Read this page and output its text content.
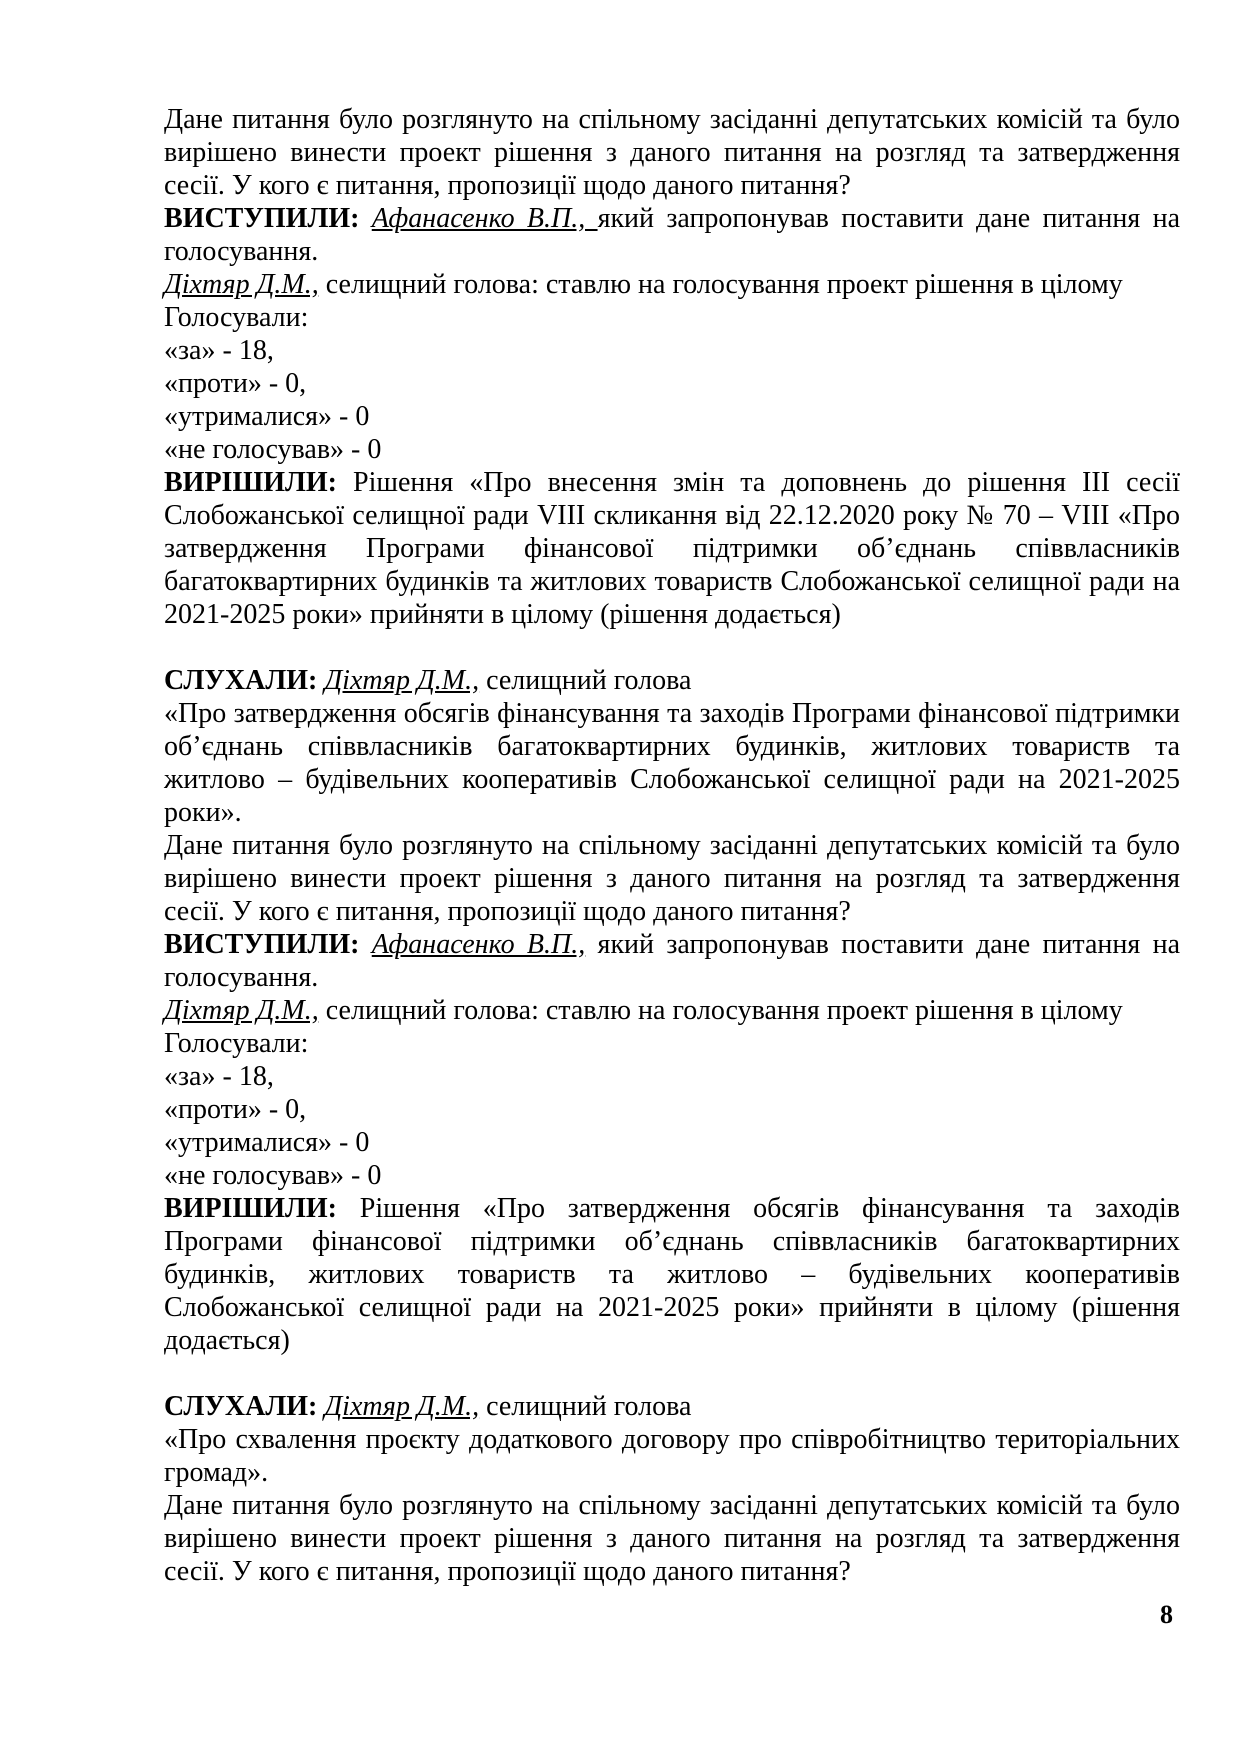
Дане питання було розглянуто на спільному засіданні депутатських комісій та було вирішено винести проект рішення з даного питання на розгляд та затвердження сесії. У кого є питання, пропозиції щодо даного питання?

ВИСТУПИЛИ: Афанасенко В.П., який запропонував поставити дане питання на голосування.

Діхтяр Д.М., селищний голова: ставлю на голосування проект рішення в цілому

Голосували:

«за» - 18,

«проти» - 0,

«утрималися» - 0

«не голосував» - 0

ВИРІШИЛИ: Рішення «Про внесення змін та доповнень до рішення ІІІ сесії Слобожанської селищної ради VIII скликання від 22.12.2020 року № 70 – VIII «Про затвердження Програми фінансової підтримки об’єднань співвласників багатоквартирних будинків та житлових товариств Слобожанської селищної ради на 2021-2025 роки» прийняти в цілому (рішення додається)

СЛУХАЛИ: Діхтяр Д.М., селищний голова

«Про затвердження обсягів фінансування та заходів Програми фінансової підтримки об’єднань співвласників багатоквартирних будинків, житлових товариств та житлово – будівельних кооперативів Слобожанської селищної ради на 2021-2025 роки».

Дане питання було розглянуто на спільному засіданні депутатських комісій та було вирішено винести проект рішення з даного питання на розгляд та затвердження сесії. У кого є питання, пропозиції щодо даного питання?

ВИСТУПИЛИ: Афанасенко В.П., який запропонував поставити дане питання на голосування.

Діхтяр Д.М., селищний голова: ставлю на голосування проект рішення в цілому

Голосували:

«за» - 18,

«проти» - 0,

«утрималися» - 0

«не голосував» - 0

ВИРІШИЛИ: Рішення «Про затвердження обсягів фінансування та заходів Програми фінансової підтримки об’єднань співвласників багатоквартирних будинків, житлових товариств та житлово – будівельних кооперативів Слобожанської селищної ради на 2021-2025 роки» прийняти в цілому (рішення додається)

СЛУХАЛИ: Діхтяр Д.М., селищний голова

«Про схвалення проєкту додаткового договору про співробітництво територіальних громад».

Дане питання було розглянуто на спільному засіданні депутатських комісій та було вирішено винести проект рішення з даного питання на розгляд та затвердження сесії. У кого є питання, пропозиції щодо даного питання?

8
